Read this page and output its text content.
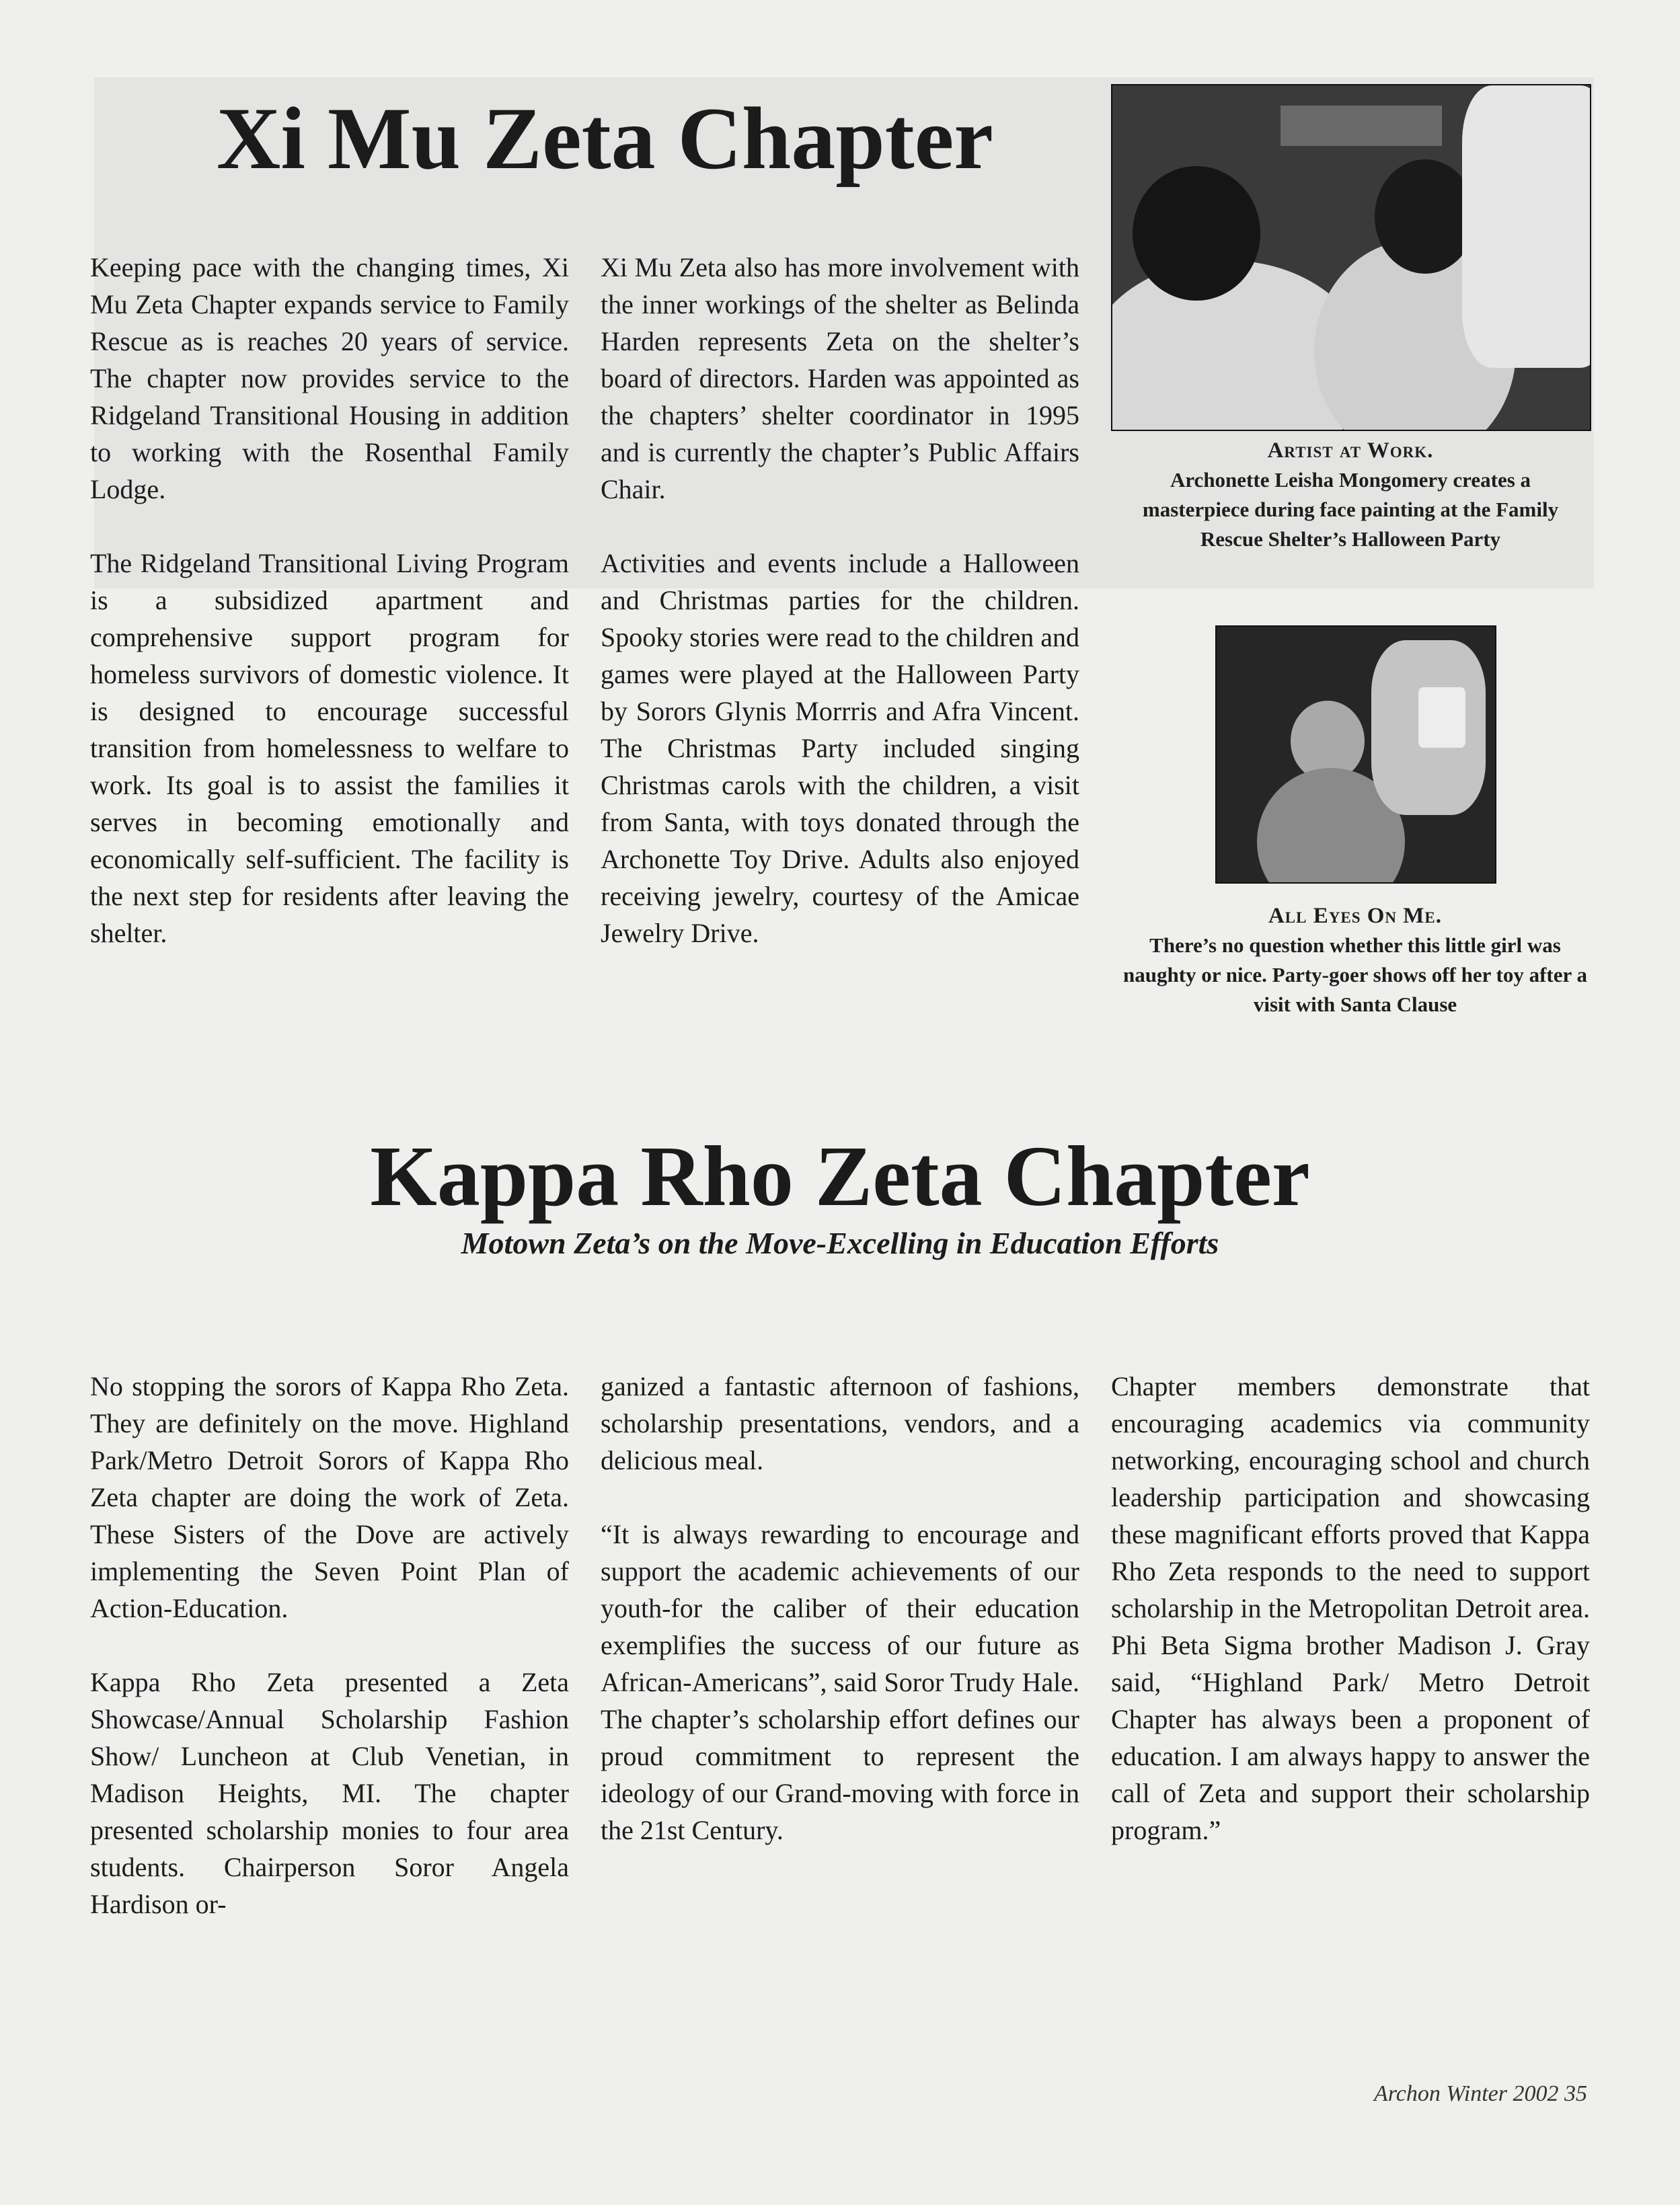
Xi Mu Zeta Chapter

Keeping pace with the changing times, Xi Mu Zeta Chapter expands service to Family Rescue as is reaches 20 years of service. The chapter now provides service to the Ridgeland Transitional Housing in addition to working with the Rosenthal Family Lodge.

The Ridgeland Transitional Living Program is a subsidized apartment and comprehensive support program for homeless survivors of domestic violence. It is designed to encourage successful transition from homelessness to welfare to work. Its goal is to assist the families it serves in becoming emotionally and economically self-sufficient. The facility is the next step for residents after leaving the shelter.

Xi Mu Zeta also has more involvement with the inner workings of the shelter as Belinda Harden represents Zeta on the shelter’s board of directors. Harden was appointed as the chapters’ shelter coordinator in 1995 and is currently the chapter’s Public Affairs Chair.

Activities and events include a Halloween and Christmas parties for the children. Spooky stories were read to the children and games were played at the Halloween Party by Sorors Glynis Morrris and Afra Vincent. The Christmas Party included singing Christmas carols with the children, a visit from Santa, with toys donated through the Archonette Toy Drive. Adults also enjoyed receiving jewelry, courtesy of the Amicae Jewelry Drive.

Artist at Work.
Archonette Leisha Mongomery creates a masterpiece during face painting at the Family Rescue Shelter’s Halloween Party
All Eyes On Me.
There’s no question whether this little girl was naughty or nice. Party-goer shows off her toy after a visit with Santa Clause
Kappa Rho Zeta Chapter
Motown Zeta’s on the Move-Excelling in Education Efforts

No stopping the sorors of Kappa Rho Zeta. They are definitely on the move. Highland Park/Metro Detroit Sorors of Kappa Rho Zeta chapter are doing the work of Zeta. These Sisters of the Dove are actively implementing the Seven Point Plan of Action-Education.

Kappa Rho Zeta presented a Zeta Showcase/Annual Scholarship Fashion Show/ Luncheon at Club Venetian, in Madison Heights, MI. The chapter presented scholarship monies to four area students. Chairperson Soror Angela Hardison or-

ganized a fantastic afternoon of fashions, scholarship presentations, vendors, and a delicious meal.

“It is always rewarding to encourage and support the academic achievements of our youth-for the caliber of their education exemplifies the success of our future as African-Americans”, said Soror Trudy Hale. The chapter’s scholarship effort defines our proud commitment to represent the ideology of our Grand-moving with force in the 21st Century.

Chapter members demonstrate that encouraging academics via community networking, encouraging school and church leadership participation and showcasing these magnificant efforts proved that Kappa Rho Zeta responds to the need to support scholarship in the Metropolitan Detroit area. Phi Beta Sigma brother Madison J. Gray said, “Highland Park/ Metro Detroit Chapter has always been a proponent of education. I am always happy to answer the call of Zeta and support their scholarship program.”

Archon Winter 2002 35
